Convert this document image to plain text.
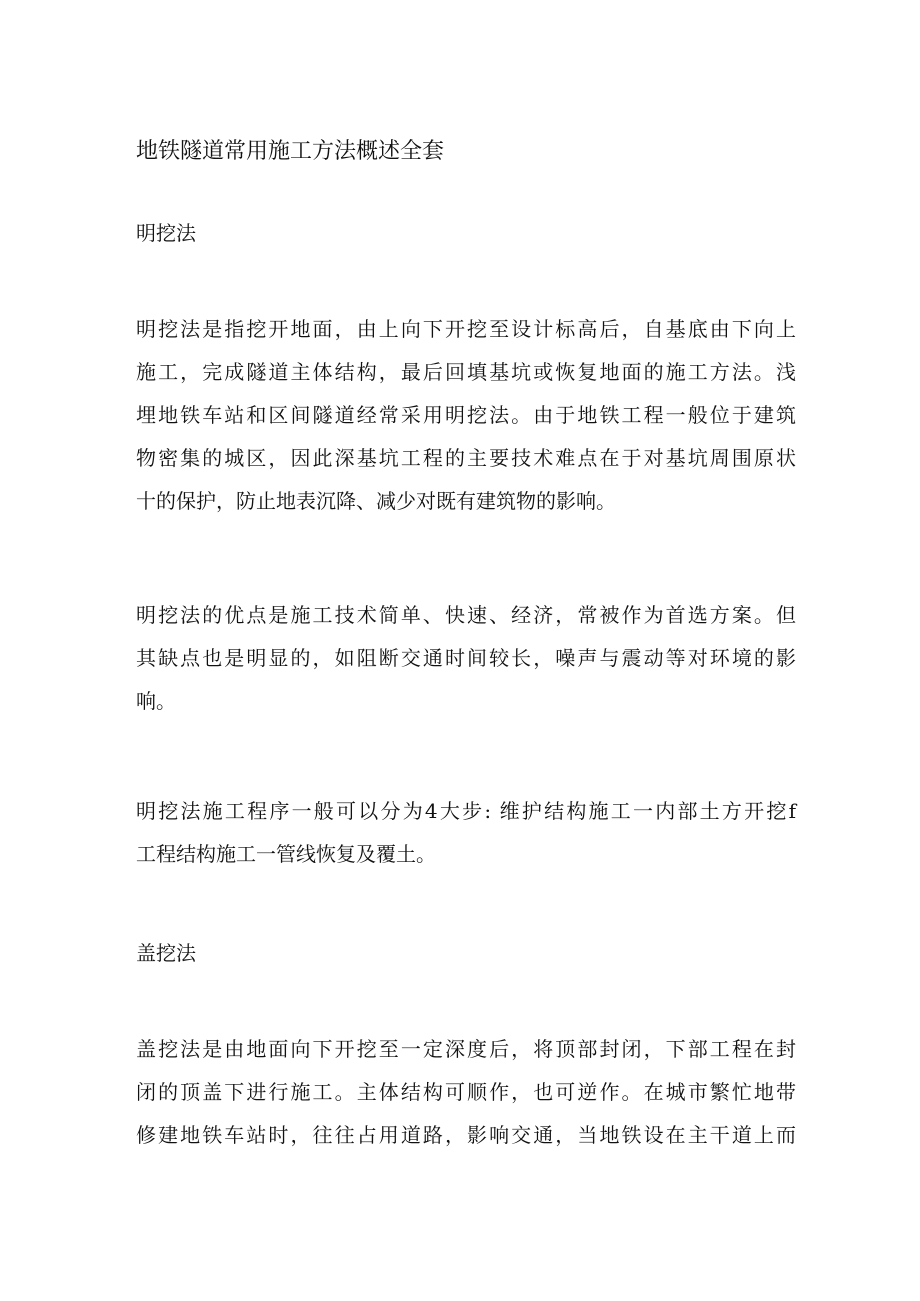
地铁隧道常用施工方法概述全套
明挖法
明挖法是指挖开地面，由上向下开挖至设计标高后，自基底由下向上
施工，完成隧道主体结构，最后回填基坑或恢复地面的施工方法。浅
埋地铁车站和区间隧道经常采用明挖法。由于地铁工程一般位于建筑
物密集的城区，因此深基坑工程的主要技术难点在于对基坑周围原状
十的保护，防止地表沉降、减少对既有建筑物的影响。
明挖法的优点是施工技术简单、快速、经济，常被作为首选方案。但
其缺点也是明显的，如阻断交通时间较长，噪声与震动等对环境的影
响。
明挖法施工程序一般可以分为4大步: 维护结构施工一内部土方开挖f
工程结构施工一管线恢复及覆土。
盖挖法
盖挖法是由地面向下开挖至一定深度后，将顶部封闭，下部工程在封
闭的顶盖下进行施工。主体结构可顺作，也可逆作。在城市繁忙地带
修建地铁车站时，往往占用道路，影响交通，当地铁设在主干道上而
